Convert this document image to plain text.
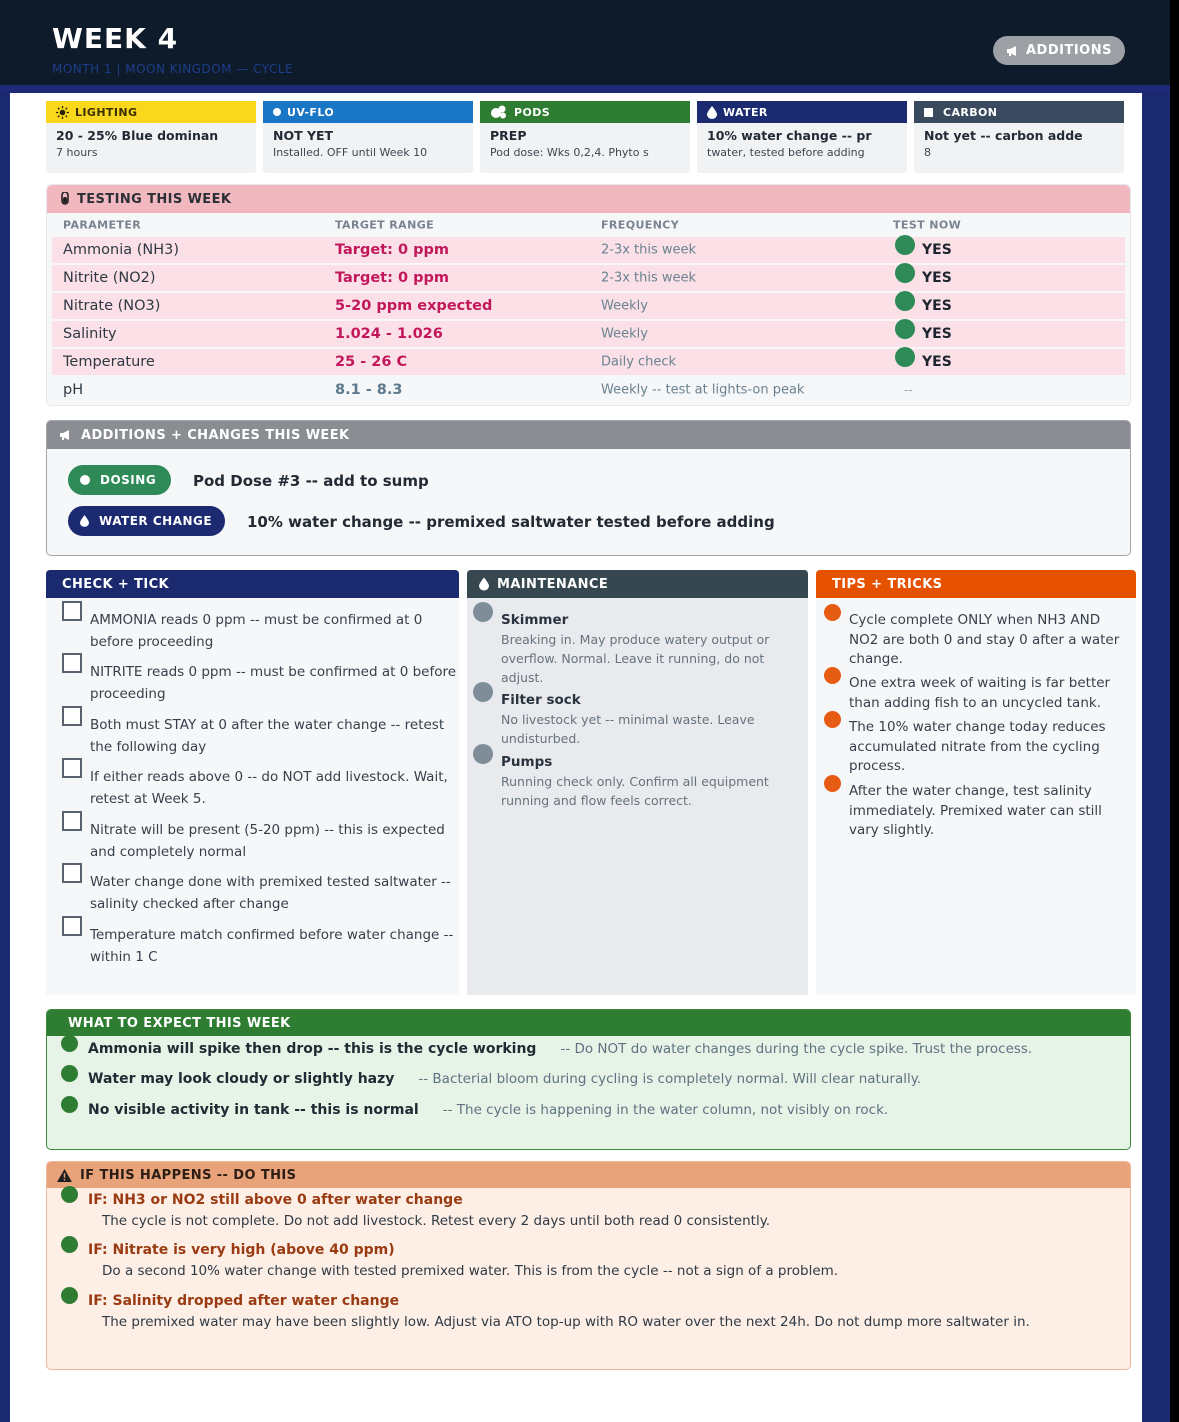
WEEK 4
MONTH 1 | MOON KINGDOM — CYCLE
ADDITIONS
LIGHTING
20 - 25% Blue dominan
7 hours
UV-FLO
NOT YET
Installed. OFF until Week 10
PODS
PREP
Pod dose: Wks 0,2,4. Phyto s
WATER
10% water change -- pr
twater, tested before adding
CARBON
Not yet -- carbon adde
8
TESTING THIS WEEK
PARAMETER	TARGET RANGE	FREQUENCY	TEST NOW
Ammonia (NH3)	Target: 0 ppm	2-3x this week	YES
Nitrite (NO2)	Target: 0 ppm	2-3x this week	YES
Nitrate (NO3)	5-20 ppm expected	Weekly	YES
Salinity	1.024 - 1.026	Weekly	YES
Temperature	25 - 26 C	Daily check	YES
pH	8.1 - 8.3	Weekly -- test at lights-on peak	--
ADDITIONS + CHANGES THIS WEEK
DOSING Pod Dose #3 -- add to sump
WATER CHANGE 10% water change -- premixed saltwater tested before adding
CHECK + TICK
AMMONIA reads 0 ppm -- must be confirmed at 0 before proceeding
NITRITE reads 0 ppm -- must be confirmed at 0 before proceeding
Both must STAY at 0 after the water change -- retest the following day
If either reads above 0 -- do NOT add livestock. Wait, retest at Week 5.
Nitrate will be present (5-20 ppm) -- this is expected and completely normal
Water change done with premixed tested saltwater -- salinity checked after change
Temperature match confirmed before water change -- within 1 C
MAINTENANCE
Skimmer
Breaking in. May produce watery output or overflow. Normal. Leave it running, do not adjust.
Filter sock
No livestock yet -- minimal waste. Leave undisturbed.
Pumps
Running check only. Confirm all equipment running and flow feels correct.
TIPS + TRICKS
Cycle complete ONLY when NH3 AND NO2 are both 0 and stay 0 after a water change.
One extra week of waiting is far better than adding fish to an uncycled tank.
The 10% water change today reduces accumulated nitrate from the cycling process.
After the water change, test salinity immediately. Premixed water can still vary slightly.
WHAT TO EXPECT THIS WEEK
Ammonia will spike then drop -- this is the cycle working -- Do NOT do water changes during the cycle spike. Trust the process.
Water may look cloudy or slightly hazy -- Bacterial bloom during cycling is completely normal. Will clear naturally.
No visible activity in tank -- this is normal -- The cycle is happening in the water column, not visibly on rock.
IF THIS HAPPENS -- DO THIS
IF: NH3 or NO2 still above 0 after water change
The cycle is not complete. Do not add livestock. Retest every 2 days until both read 0 consistently.
IF: Nitrate is very high (above 40 ppm)
Do a second 10% water change with tested premixed water. This is from the cycle -- not a sign of a problem.
IF: Salinity dropped after water change
The premixed water may have been slightly low. Adjust via ATO top-up with RO water over the next 24h. Do not dump more saltwater in.
